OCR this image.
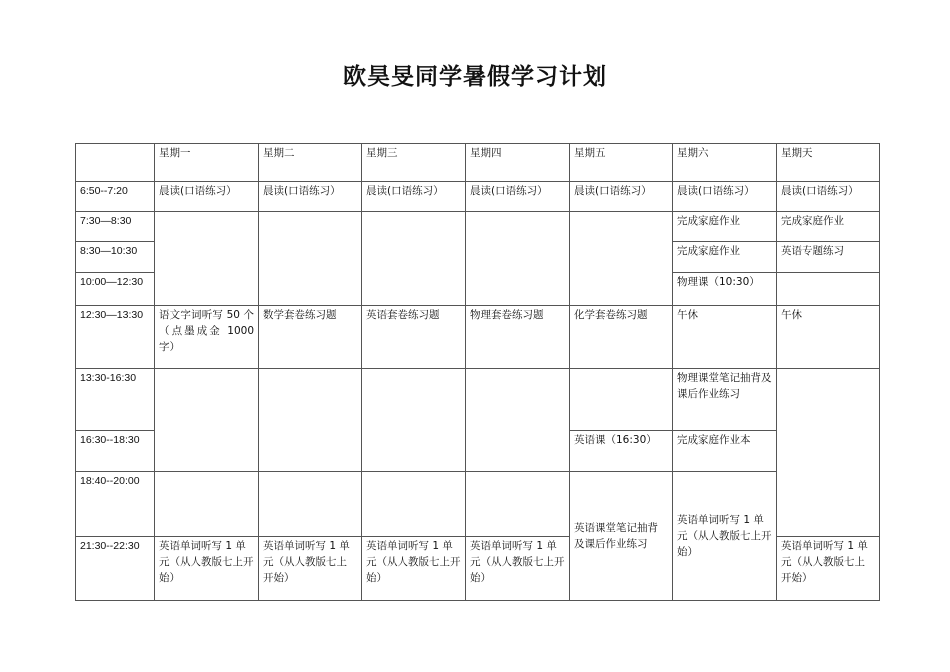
欧昊旻同学暑假学习计划
	星期一	星期二	星期三	星期四	星期五	星期六	星期天
6:50--7:20	晨读(口语练习）	晨读(口语练习）	晨读(口语练习）	晨读(口语练习）	晨读(口语练习）	晨读(口语练习）	晨读(口语练习）
7:30—8:30						完成家庭作业	完成家庭作业
8:30—10:30						完成家庭作业	英语专题练习
10:00—12:30						物理课（10:30）	
12:30—13:30	语文字词听写 50 个（点墨成金 1000 字）	数学套卷练习题	英语套卷练习题	物理套卷练习题	化学套卷练习题	午休	午休
13:30-16:30						物理课堂笔记抽背及课后作业练习	
16:30--18:30					英语课（16:30）	完成家庭作业本	
18:40--20:00					英语课堂笔记抽背及课后作业练习	英语单词听写 1 单元（从人教版七上开始）	
21:30--22:30	英语单词听写 1 单元（从人教版七上开始）	英语单词听写 1 单元（从人教版七上开始）	英语单词听写 1 单元（从人教版七上开始）	英语单词听写 1 单元（从人教版七上开始）			英语单词听写 1 单元（从人教版七上开始）
